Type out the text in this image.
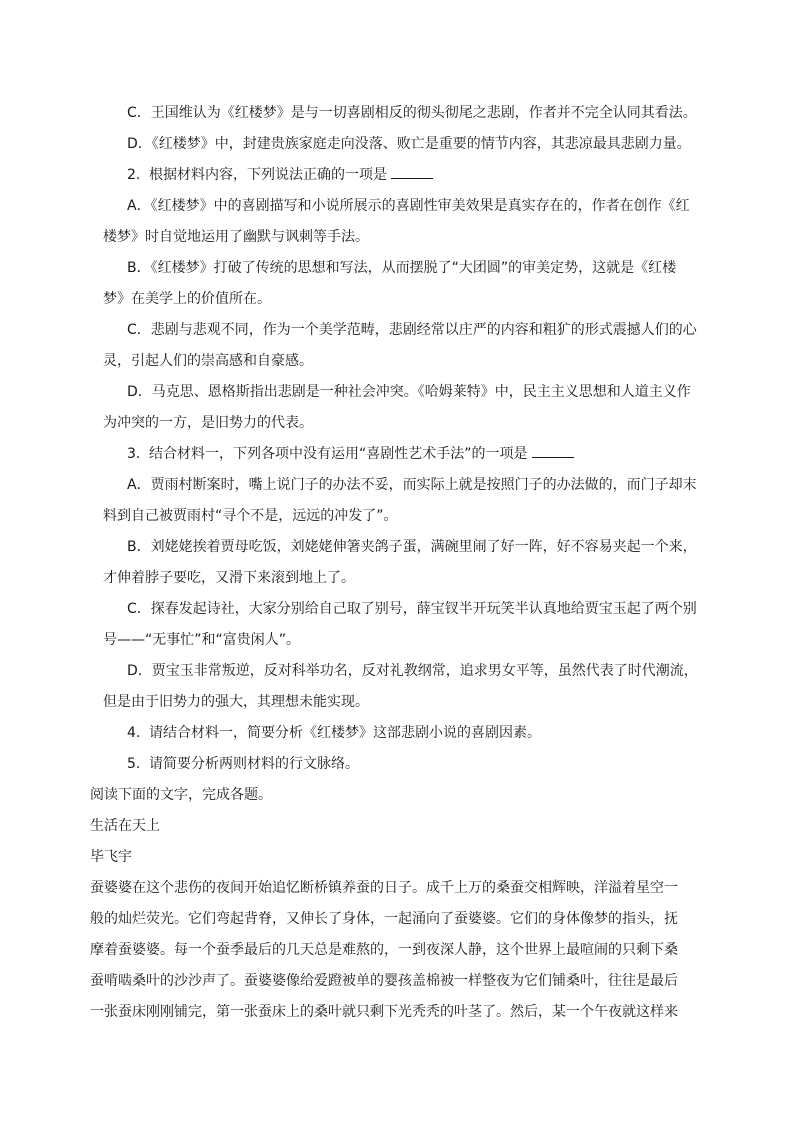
C．王国维认为《红楼梦》是与一切喜剧相反的彻头彻尾之悲剧，作者并不完全认同其看法。
D．《红楼梦》中，封建贵族家庭走向没落、败亡是重要的情节内容，其悲凉最具悲剧力量。
2. 根据材料内容，下列说法正确的一项是
A．《红楼梦》中的喜剧描写和小说所展示的喜剧性审美效果是真实存在的，作者在创作《红
楼梦》时自觉地运用了幽默与讽刺等手法。
B．《红楼梦》打破了传统的思想和写法，从而摆脱了“大团圆”的审美定势，这就是《红楼
梦》在美学上的价值所在。
C．悲剧与悲观不同，作为一个美学范畴，悲剧经常以庄严的内容和粗犷的形式震撼人们的心
灵，引起人们的崇高感和自豪感。
D．马克思、恩格斯指出悲剧是一种社会冲突。《哈姆莱特》中，民主主义思想和人道主义作
为冲突的一方，是旧势力的代表。
3. 结合材料一，下列各项中没有运用“喜剧性艺术手法”的一项是
A．贾雨村断案时，嘴上说门子的办法不妥，而实际上就是按照门子的办法做的，而门子却末
料到自己被贾雨村“寻个不是，远远的冲发了”。
B．刘姥姥挨着贾母吃饭，刘姥姥伸箸夹鸽子蛋，满碗里闹了好一阵，好不容易夹起一个来，
才伸着脖子要吃，又滑下来滚到地上了。
C．探春发起诗社，大家分别给自己取了别号，薛宝钗半开玩笑半认真地给贾宝玉起了两个别
号——“无事忙”和“富贵闲人”。
D．贾宝玉非常叛逆，反对科举功名，反对礼教纲常，追求男女平等，虽然代表了时代潮流，
但是由于旧势力的强大，其理想未能实现。
4. 请结合材料一，简要分析《红楼梦》这部悲剧小说的喜剧因素。
5. 请简要分析两则材料的行文脉络。
阅读下面的文字，完成各题。
生活在天上
毕飞宇
蚕婆婆在这个悲伤的夜间开始追忆断桥镇养蚕的日子。成千上万的桑蚕交相辉映，洋溢着星空一
般的灿烂荧光。它们弯起背脊，又伸长了身体，一起涌向了蚕婆婆。它们的身体像梦的指头，抚
摩着蚕婆婆。每一个蚕季最后的几天总是难熬的，一到夜深人静，这个世界上最喧闹的只剩下桑
蚕啃啮桑叶的沙沙声了。蚕婆婆像给爱蹬被单的婴孩盖棉被一样整夜为它们铺桑叶，往往是最后
一张蚕床刚刚铺完，第一张蚕床上的桑叶就只剩下光秃秃的叶茎了。然后，某一个午夜就这样来
